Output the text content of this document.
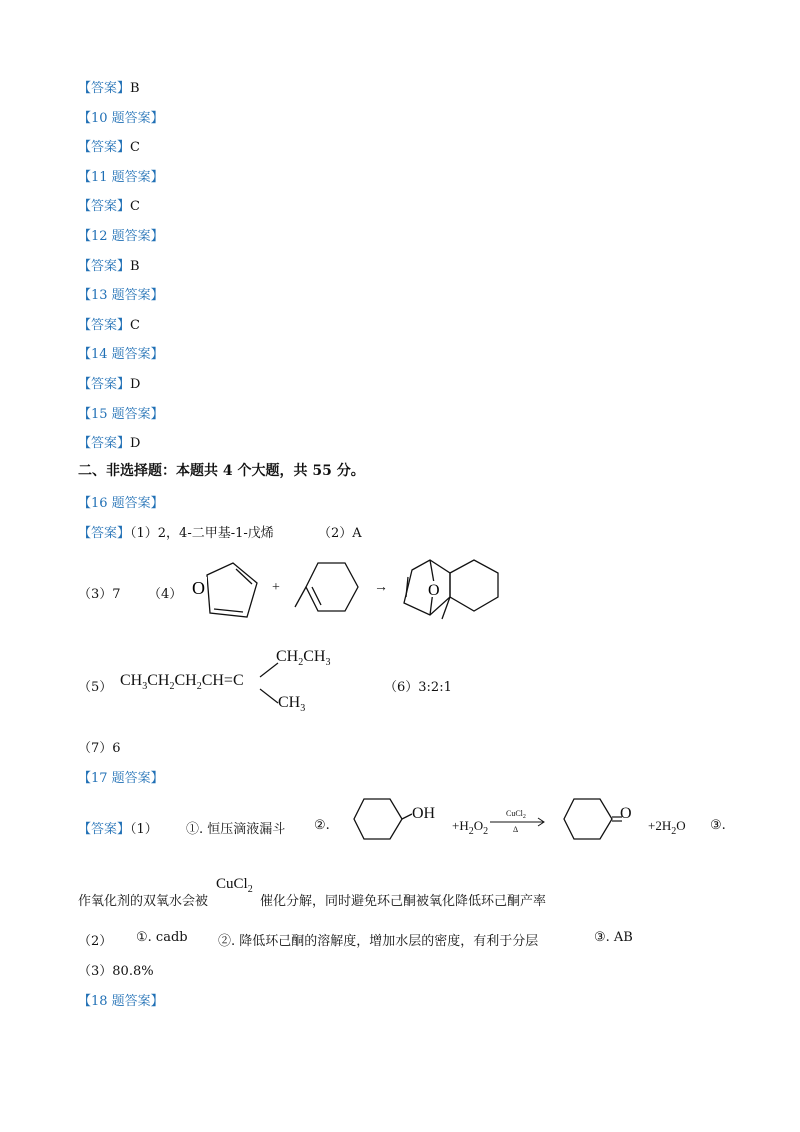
【答案】B
【10 题答案】
【答案】C
【11 题答案】
【答案】C
【12 题答案】
【答案】B
【13 题答案】
【答案】C
【14 题答案】
【答案】D
【15 题答案】
【答案】D
二、非选择题：本题共 4 个大题，共 55 分。
【16 题答案】
【答案】（1）2，4-二甲基-1-戊烯	（2）A
（3）7 （4） O	+	→	O
（5） $CH_3CH_2CH_2CH=C$
$CH_2CH_3$
$CH_3$
（6）3:2:1
（7）6
【17 题答案】
【答案】（1） ①. 恒压滴液漏斗 ②.
OH
$+H_2O_2$
CuCl$_2$
Δ
O
$+2H_2O$ ③.
作氧化剂的双氧水会被
CuCl$_2$
催化分解，同时避免环己酮被氧化降低环己酮产率
（2） ①. cadb ②. 降低环己酮的溶解度，增加水层的密度，有利于分层	③. AB
（3）80.8%
【18 题答案】
